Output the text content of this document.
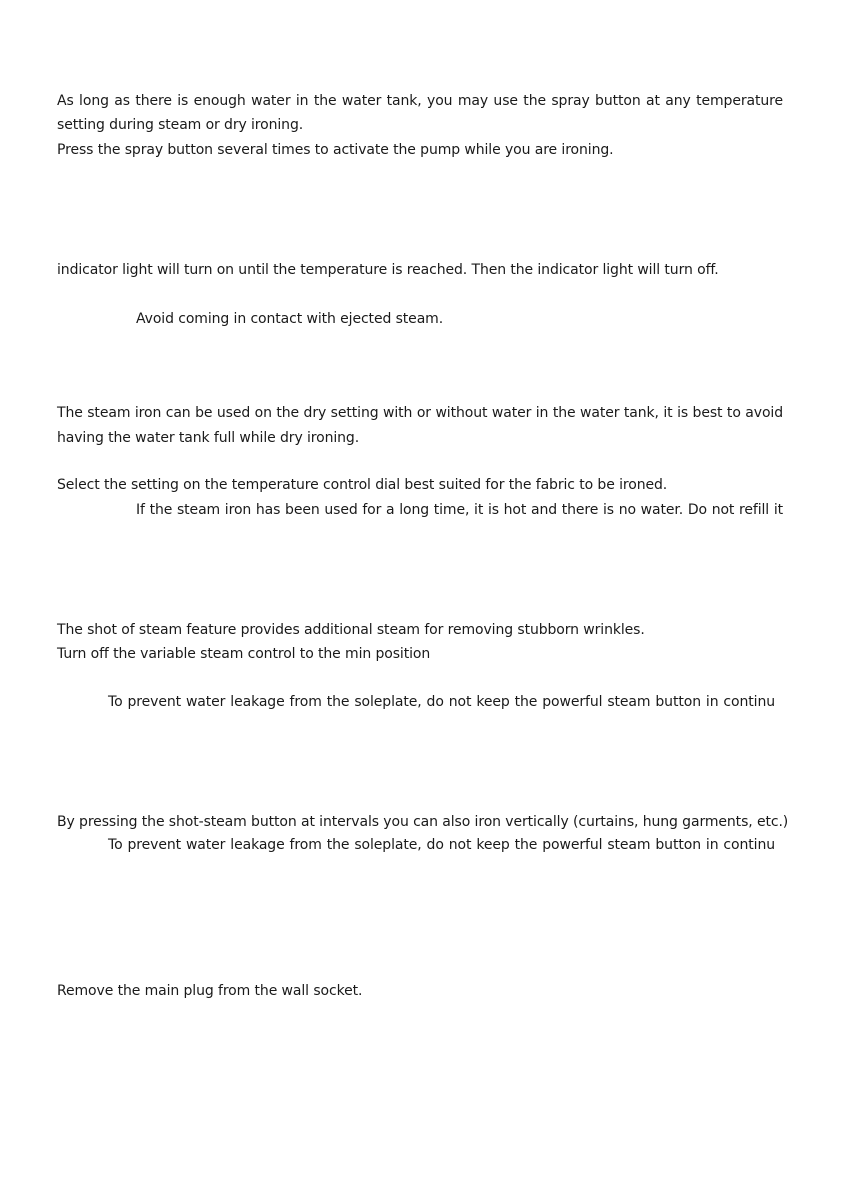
As long as there is enough water in the water tank, you may use the spray button at any temperature
setting during steam or dry ironing.
Press the spray button several times to activate the pump while you are ironing.
indicator light will turn on until the temperature is reached. Then the indicator light will turn off.
Avoid coming in contact with ejected steam.
The steam iron can be used on the dry setting with or without water in the water tank, it is best to avoid
having the water tank full while dry ironing.
Select the setting on the temperature control dial best suited for the fabric to be ironed.
If the steam iron has been used for a long time, it is hot and there is no water. Do not refill it
The shot of steam feature provides additional steam for removing stubborn wrinkles.
Turn off the variable steam control to the min position
To prevent water leakage from the soleplate, do not keep the powerful steam button in continu
By pressing the shot-steam button at intervals you can also iron vertically (curtains, hung garments, etc.)
To prevent water leakage from the soleplate, do not keep the powerful steam button in continu
Remove the main plug from the wall socket.
